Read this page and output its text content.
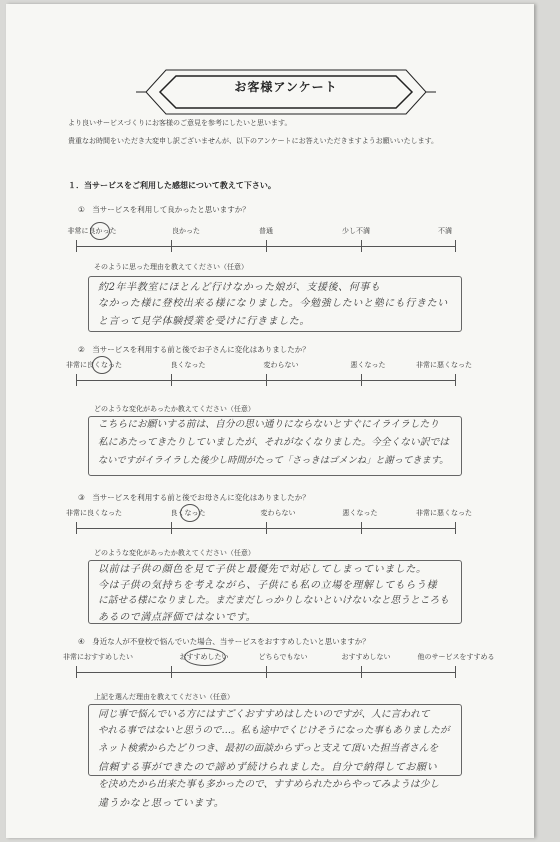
お客様アンケート
より良いサービスづくりにお客様のご意見を参考にしたいと思います。
貴重なお時間をいただき大変申し訳ございませんが、以下のアンケートにお答えいただきますようお願いいたします。
１．当サービスをご利用した感想について教えて下さい。
①　当サービスを利用して良かったと思いますか？
非常に良かった	良かった	普通	少し不満	不満
そのように思った理由を教えてください（任意）
約2年半教室にほとんど行けなかった娘が、支援後、何事も
なかった様に登校出来る様になりました。今勉強したいと塾にも行きたい
と言って見学体験授業を受けに行きました。
②　当サービスを利用する前と後でお子さんに変化はありましたか？
非常に良くなった	良くなった	変わらない	悪くなった	非常に悪くなった
どのような変化があったか教えてください（任意）
こちらにお願いする前は、自分の思い通りにならないとすぐにイライラしたり
私にあたってきたりしていましたが、それがなくなりました。今全くない訳では
ないですがイライラした後少し時間がたって「さっきはゴメンね」と謝ってきます。
③　当サービスを利用する前と後でお母さんに変化はありましたか？
非常に良くなった	良くなった	変わらない	悪くなった	非常に悪くなった
どのような変化があったか教えてください（任意）
以前は子供の顔色を見て子供と最優先で対応してしまっていました。
今は子供の気持ちを考えながら、子供にも私の立場を理解してもらう様
に話せる様になりました。まだまだしっかりしないといけないなと思うところも
あるので満点評価ではないです。
④　身近な人が不登校で悩んでいた場合、当サービスをおすすめしたいと思いますか？
非常におすすめしたい	おすすめしたい	どちらでもない	おすすめしない	他のサービスをすすめる
上記を選んだ理由を教えてください（任意）
同じ事で悩んでいる方にはすごくおすすめはしたいのですが、人に言われて
やれる事ではないと思うので…。私も途中でくじけそうになった事もありましたが
ネット検索からたどりつき、最初の面談からずっと支えて頂いた担当者さんを
信頼する事ができたので諦めず続けられました。自分で納得してお願い
を決めたから出来た事も多かったので、すすめられたからやってみようは少し
違うかなと思っています。
